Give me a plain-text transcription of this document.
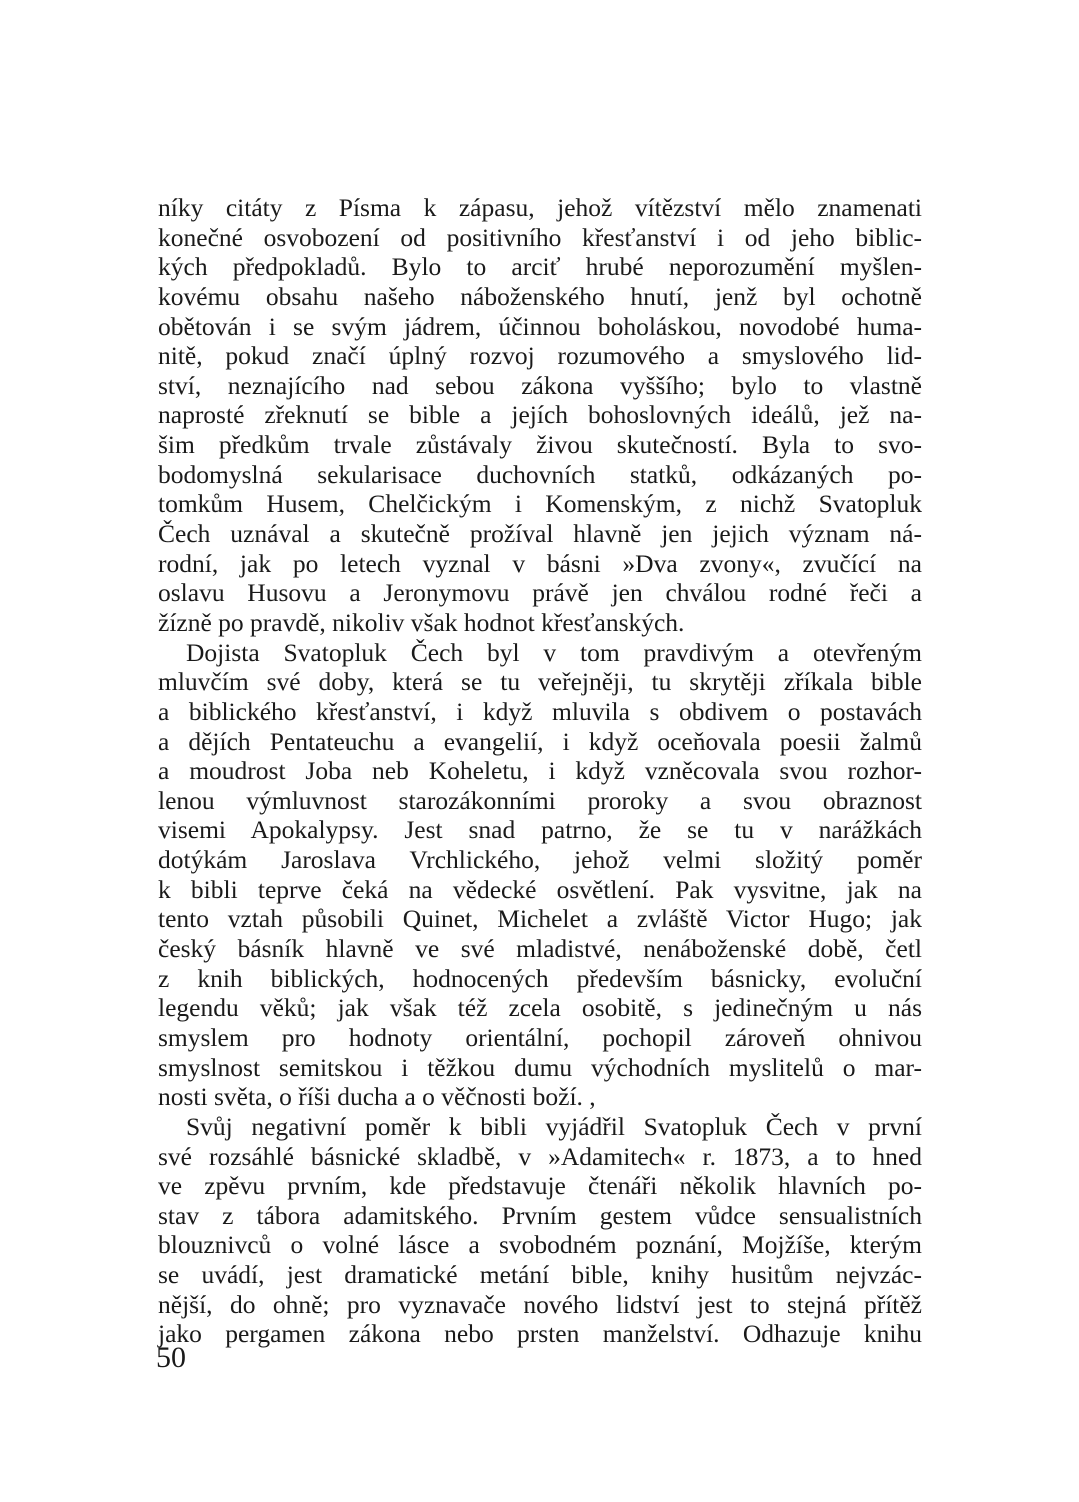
níky citáty z Písma k zápasu, jehož vítězství mělo znamenati
konečné osvobození od positivního křesťanství i od jeho biblic-
kých předpokladů. Bylo to arciť hrubé neporozumění myšlen-
kovému obsahu našeho náboženského hnutí, jenž byl ochotně
obětován i se svým jádrem, účinnou boholáskou, novodobé huma-
nitě, pokud značí úplný rozvoj rozumového a smyslového lid-
ství, neznajícího nad sebou zákona vyššího; bylo to vlastně
naprosté zřeknutí se bible a jejích bohoslovných ideálů, jež na-
šim předkům trvale zůstávaly živou skutečností. Byla to svo-
bodomyslná sekularisace duchovních statků, odkázaných po-
tomkům Husem, Chelčickým i Komenským, z nichž Svatopluk
Čech uznával a skutečně prožíval hlavně jen jejich význam ná-
rodní, jak po letech vyznal v básni »Dva zvony«, zvučící na
oslavu Husovu a Jeronymovu právě jen chválou rodné řeči a
žízně po pravdě, nikoliv však hodnot křesťanských.
Dojista Svatopluk Čech byl v tom pravdivým a otevřeným
mluvčím své doby, která se tu veřejněji, tu skrytěji zříkala bible
a biblického křesťanství, i když mluvila s obdivem o postavách
a dějích Pentateuchu a evangelií, i když oceňovala poesii žalmů
a moudrost Joba neb Koheletu, i když vzněcovala svou rozhor-
lenou výmluvnost starozákonními proroky a svou obraznost
visemi Apokalypsy. Jest snad patrno, že se tu v narážkách
dotýkám Jaroslava Vrchlického, jehož velmi složitý poměr
k bibli teprve čeká na vědecké osvětlení. Pak vysvitne, jak na
tento vztah působili Quinet, Michelet a zvláště Victor Hugo; jak
český básník hlavně ve své mladistvé, nenáboženské době, četl
z knih biblických, hodnocených především básnicky, evoluční
legendu věků; jak však též zcela osobitě, s jedinečným u nás
smyslem pro hodnoty orientální, pochopil zároveň ohnivou
smyslnost semitskou i těžkou dumu východních myslitelů o mar-
nosti světa, o říši ducha a o věčnosti boží. ,
Svůj negativní poměr k bibli vyjádřil Svatopluk Čech v první
své rozsáhlé básnické skladbě, v »Adamitech« r. 1873, a to hned
ve zpěvu prvním, kde představuje čtenáři několik hlavních po-
stav z tábora adamitského. Prvním gestem vůdce sensualistních
blouznivců o volné lásce a svobodném poznání, Mojžíše, kterým
se uvádí, jest dramatické metání bible, knihy husitům nejvzác-
nější, do ohně; pro vyznavače nového lidství jest to stejná přítěž
jako pergamen zákona nebo prsten manželství. Odhazuje knihu
50
